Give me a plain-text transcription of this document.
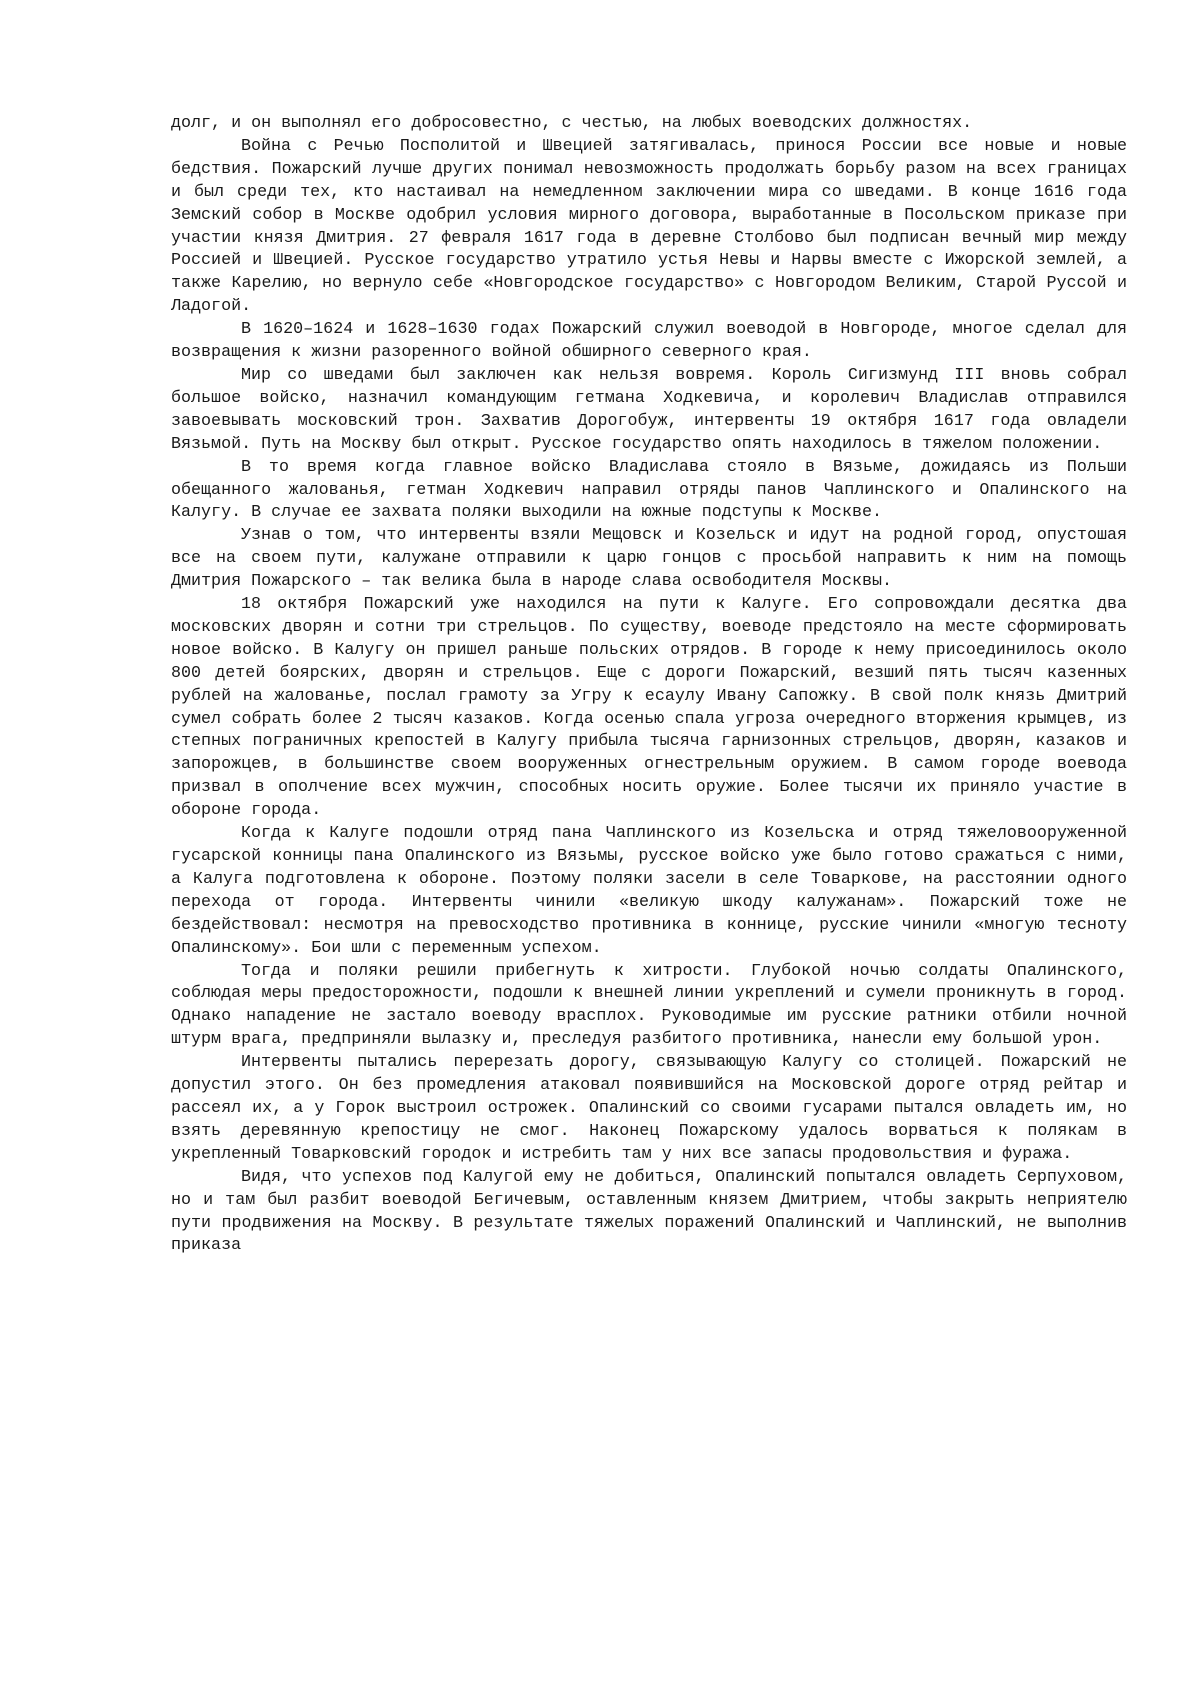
долг, и он выполнял его добросовестно, с честью, на любых воеводских должностях.

Война с Речью Посполитой и Швецией затягивалась, принося России все новые и новые бедствия. Пожарский лучше других понимал невозможность продолжать борьбу разом на всех границах и был среди тех, кто настаивал на немедленном заключении мира со шведами. В конце 1616 года Земский собор в Москве одобрил условия мирного договора, выработанные в Посольском приказе при участии князя Дмитрия. 27 февраля 1617 года в деревне Столбово был подписан вечный мир между Россией и Швецией. Русское государство утратило устья Невы и Нарвы вместе с Ижорской землей, а также Карелию, но вернуло себе «Новгородское государство» с Новгородом Великим, Старой Руссой и Ладогой.

В 1620–1624 и 1628–1630 годах Пожарский служил воеводой в Новгороде, многое сделал для возвращения к жизни разоренного войной обширного северного края.

Мир со шведами был заключен как нельзя вовремя. Король Сигизмунд III вновь собрал большое войско, назначил командующим гетмана Ходкевича, и королевич Владислав отправился завоевывать московский трон. Захватив Дорогобуж, интервенты 19 октября 1617 года овладели Вязьмой. Путь на Москву был открыт. Русское государство опять находилось в тяжелом положении.

В то время когда главное войско Владислава стояло в Вязьме, дожидаясь из Польши обещанного жалованья, гетман Ходкевич направил отряды панов Чаплинского и Опалинского на Калугу. В случае ее захвата поляки выходили на южные подступы к Москве.

Узнав о том, что интервенты взяли Мещовск и Козельск и идут на родной город, опустошая все на своем пути, калужане отправили к царю гонцов с просьбой направить к ним на помощь Дмитрия Пожарского – так велика была в народе слава освободителя Москвы.

18 октября Пожарский уже находился на пути к Калуге. Его сопровождали десятка два московских дворян и сотни три стрельцов. По существу, воеводе предстояло на месте сформировать новое войско. В Калугу он пришел раньше польских отрядов. В городе к нему присоединилось около 800 детей боярских, дворян и стрельцов. Еще с дороги Пожарский, везший пять тысяч казенных рублей на жалованье, послал грамоту за Угру к есаулу Ивану Сапожку. В свой полк князь Дмитрий сумел собрать более 2 тысяч казаков. Когда осенью спала угроза очередного вторжения крымцев, из степных пограничных крепостей в Калугу прибыла тысяча гарнизонных стрельцов, дворян, казаков и запорожцев, в большинстве своем вооруженных огнестрельным оружием. В самом городе воевода призвал в ополчение всех мужчин, способных носить оружие. Более тысячи их приняло участие в обороне города.

Когда к Калуге подошли отряд пана Чаплинского из Козельска и отряд тяжеловооруженной гусарской конницы пана Опалинского из Вязьмы, русское войско уже было готово сражаться с ними, а Калуга подготовлена к обороне. Поэтому поляки засели в селе Товаркове, на расстоянии одного перехода от города. Интервенты чинили «великую шкоду калужанам». Пожарский тоже не бездействовал: несмотря на превосходство противника в коннице, русские чинили «многую тесноту Опалинскому». Бои шли с переменным успехом.

Тогда и поляки решили прибегнуть к хитрости. Глубокой ночью солдаты Опалинского, соблюдая меры предосторожности, подошли к внешней линии укреплений и сумели проникнуть в город. Однако нападение не застало воеводу врасплох. Руководимые им русские ратники отбили ночной штурм врага, предприняли вылазку и, преследуя разбитого противника, нанесли ему большой урон.

Интервенты пытались перерезать дорогу, связывающую Калугу со столицей. Пожарский не допустил этого. Он без промедления атаковал появившийся на Московской дороге отряд рейтар и рассеял их, а у Горок выстроил острожек. Опалинский со своими гусарами пытался овладеть им, но взять деревянную крепостицу не смог. Наконец Пожарскому удалось ворваться к полякам в укрепленный Товарковский городок и истребить там у них все запасы продовольствия и фуража.

Видя, что успехов под Калугой ему не добиться, Опалинский попытался овладеть Серпуховом, но и там был разбит воеводой Бегичевым, оставленным князем Дмитрием, чтобы закрыть неприятелю пути продвижения на Москву. В результате тяжелых поражений Опалинский и Чаплинский, не выполнив приказа
